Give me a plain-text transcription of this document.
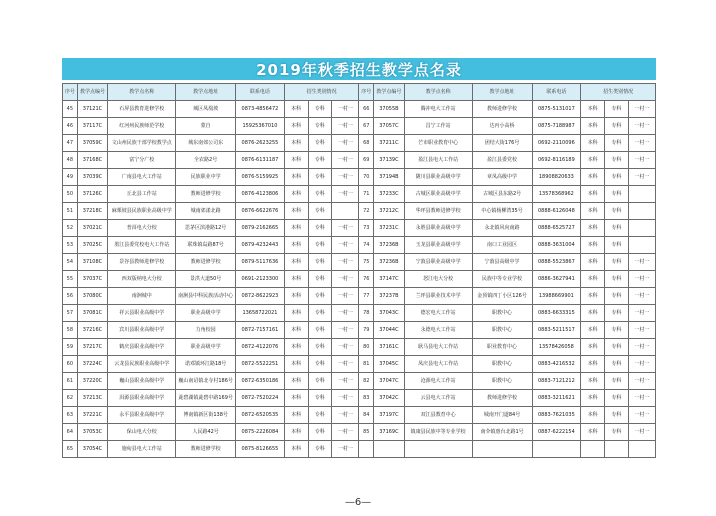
2019年秋季招生教学点名录
序号	教学点编号	教学点名称	教学点地址	联系电话	招生类别情况			序号	教学点编号	教学点名称	教学点地址	联系电话	招生类别情况		
45	37121C	石屏县教育进修学校	城区凤凰坡	0873-4856472	本科	专科	一村一	66	37055B	腾冲电大工作站	教师进修学校	0875-5131017	本科	专科	一村一
46	37117C	红河州民族师范学校	蒙自	15925367010	本科	专科	一村一	67	37057C	昌宁工作站	达丙小高桥	0875-7188987	本科	专科	一村一
47	37059C	文山州民族干部学校教学点	城东南郊公司东	0876-2623255	本科	专科	一村一	68	37211C	芒市职业教育中心	团结大街176号	0692-2110096	本科	专科	一村一
48	37168C	富宁分广校	全农路2号	0876-6131187	本科	专科	一村一	69	37139C	盈江县电大工作站	盈江县委党校	0692-8116189	本科	专科	一村一
49	37039C	广南县电大工作站	民族职业中学	0876-5159925	本科	专科	一村一	70	37194B	陇川县职业高级中学	章凤高级中学	18908820633	本科	专科	一村一
50	37126C	丘北县工作站	教师进修学校	0876-4123806	本科	专科	一村一	71	37233C	古城区职业高级中学	古城区县东路2号	13578368962	本科	专科	
51	37218C	麻栗坡县民族职业高级中学	城南郊漾北路	0876-6622676	本科	专科		72	37212C	华坪县教师进修学校	中心镇杨柳湾35号	0888-6126048	本科	专科	
52	37021C	普洱电大分校	思茅区滨港路12号	0879-2162665	本科	专科	一村一	73	37231C	永胜县职业高级中学	永北镇风向南路	0888-6525727	本科	专科	
53	37025C	墨江县委党校电大工作站	联珠镇岛路87号	0879-4232443	本科	专科	一村一	74	37236B	玉龙县职业高级中学	南口工业园区	0888-3631004	本科	专科	
54	37108C	景谷县教师进修学校	教师进修学校	0879-5117636	本科	专科	一村一	75	37236B	宁蒗县职业高级中学	宁蒗县高级中学	0888-5523867	本科	专科	一村一
55	37037C	西双版纳电大分校	景洪大道50号	0691-2123300	本科	专科	一村一	76	37147C	怒江电大分校	民族中等专业学校	0886-3627941	本科	专科	一村一
56	37080C	南涧城中	南涧县中科民族活动中心	0872-8622923	本科	专科	一村一	77	37237B	兰坪县职业技术中学	金顶镇四丁小区126号	13988669901	本科	专科	一村一
57	37081C	祥云县职业高级中学	职业高级中学	13658722021	本科	专科	一村一	78	37043C	德宏电大工作站	职教中心	0883-6633315	本科	专科	一村一
58	37216C	宾川县职业高级中学	力角校园	0872-7157161	本科	专科	一村一	79	37044C	永德电大工作站	职教中心	0883-5211517	本科	专科	一村一
59	37217C	鹤庆县职业高级中学	职业高级中学	0872-4122076	本科	专科	一村一	80	37161C	耿马县电大工作站	职业教育中心	13578426058	本科	专科	一村一
60	37224C	云龙县民族职业高级中学	诺邓镇环江路18号	0872-5522251	本科	专科	一村一	81	37045C	凤庆县电大工作站	职教中心	0883-4216532	本科	专科	一村一
61	37220C	巍山县职业高级中学	巍山南诏镇北寺村186号	0872-6350186	本科	专科	一村一	82	37047C	沧源电大工作站	职教中心	0883-7121212	本科	专科	一村一
62	37213C	洱源县职业高级中学	茈碧湖镇茈碧中路169号	0872-7520224	本科	专科	一村一	83	37042C	云县电大工作站	教师进修学校	0883-3211621	本科	专科	一村一
63	37221C	永平县职业高级中学	博南镇新区街138号	0872-6520535	本科	专科	一村一	84	37197C	双江县教育中心	城南开门道84号	0883-7621035	本科	专科	一村一
64	37053C	保山电大分校	人民路42号	0875-2226084	本科	专科	一村一	85	37169C	镇康县民族中等专业学校	南伞镇惠台北路1号	0887-6222154	本科	专科	一村一
65	37054C	施甸县电大工作站	教师进修学校	0875-8126655	本科	专科	一村一								
—6—
